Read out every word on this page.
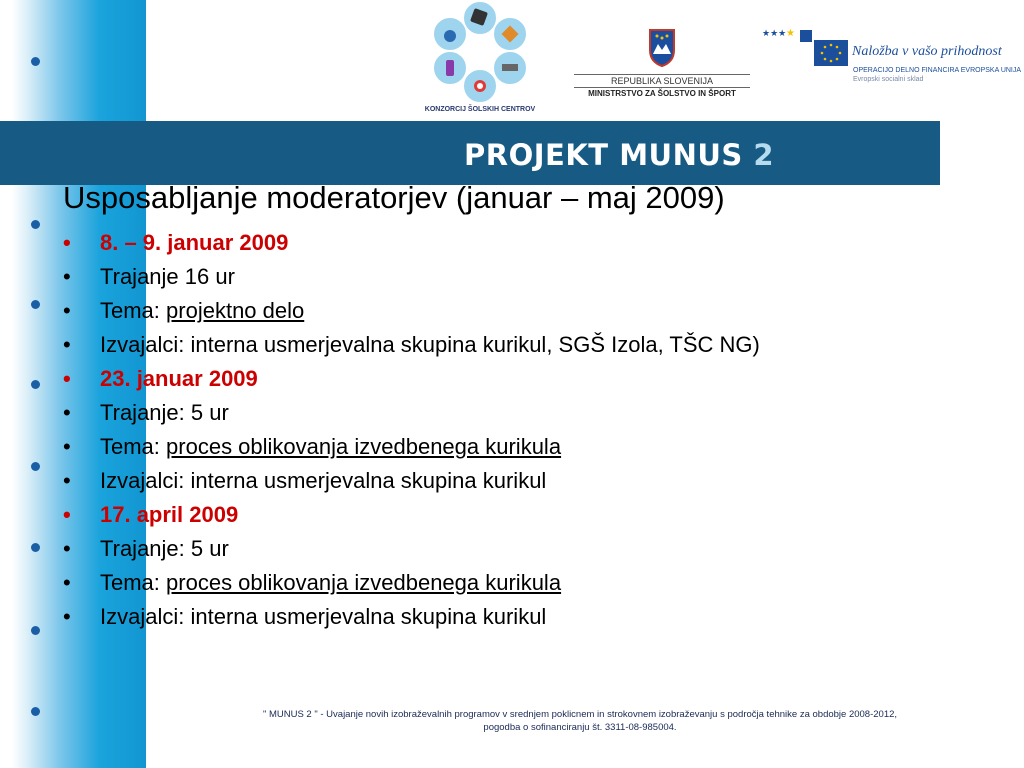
KONZORCIJ ŠOLSKIH CENTROV
REPUBLIKA SLOVENIJA
MINISTRSTVO ZA ŠOLSTVO IN ŠPORT
★★★ ★
Naložba v vašo prihodnost
OPERACIJO DELNO FINANCIRA EVROPSKA UNIJA
Evropski socialni sklad
PROJEKT MUNUS 2
Usposabljanje moderatorjev (januar – maj 2009)
• 8. – 9. januar 2009
• Trajanje 16 ur
• Tema: projektno delo
• Izvajalci: interna usmerjevalna skupina kurikul, SGŠ Izola, TŠC NG)
• 23. januar 2009
• Trajanje: 5 ur
• Tema: proces oblikovanja izvedbenega kurikula
• Izvajalci: interna usmerjevalna skupina kurikul
• 17. april 2009
• Trajanje: 5 ur
• Tema: proces oblikovanja izvedbenega kurikula
• Izvajalci: interna usmerjevalna skupina kurikul
" MUNUS 2 " - Uvajanje novih izobraževalnih programov v srednjem poklicnem in strokovnem izobraževanju s področja tehnike za obdobje 2008-2012,
pogodba o sofinanciranju št. 3311-08-985004.
